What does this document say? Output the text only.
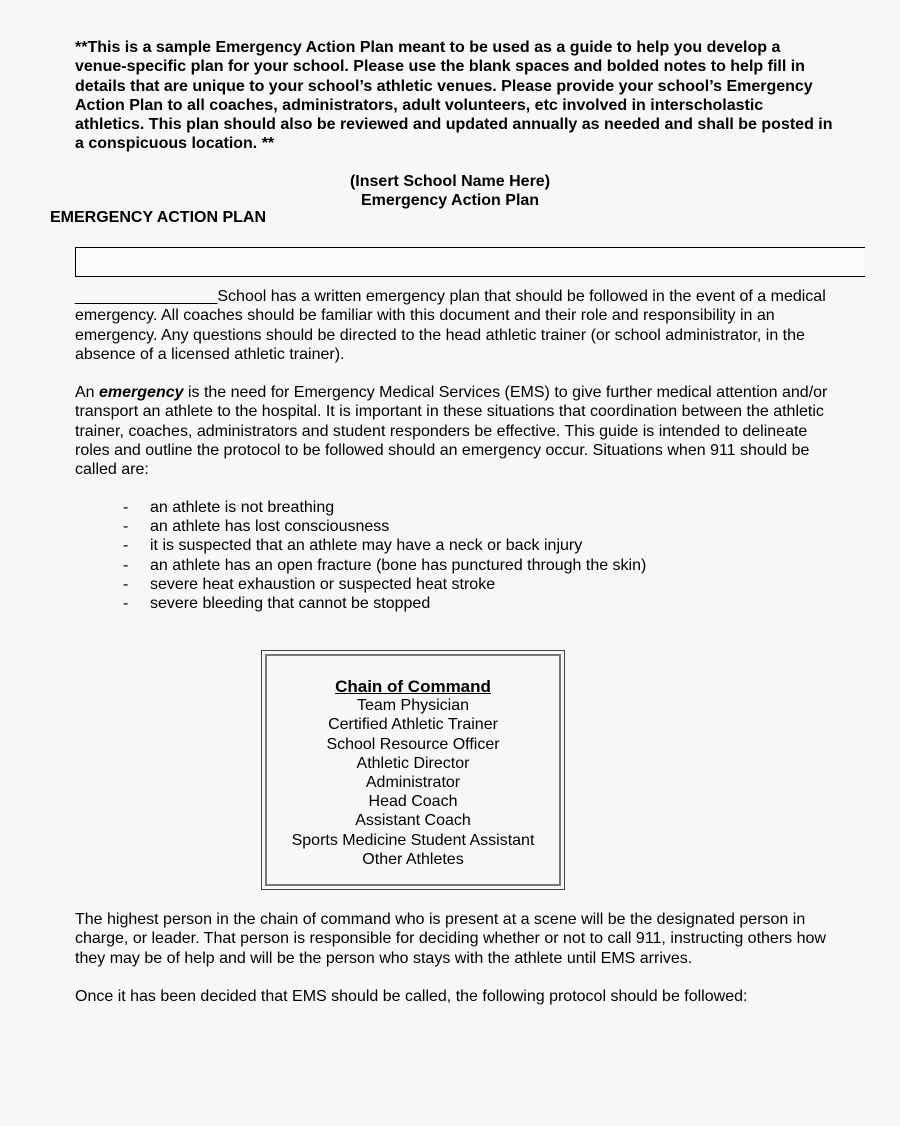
**This is a sample Emergency Action Plan meant to be used as a guide to help you develop a venue-specific plan for your school. Please use the blank spaces and bolded notes to help fill in details that are unique to your school’s athletic venues. Please provide your school’s Emergency Action Plan to all coaches, administrators, adult volunteers, etc involved in interscholastic athletics. This plan should also be reviewed and updated annually as needed and shall be posted in a conspicuous location. **

(Insert School Name Here)
Emergency Action Plan
EMERGENCY ACTION PLAN

________________School has a written emergency plan that should be followed in the event of a medical emergency. All coaches should be familiar with this document and their role and responsibility in an emergency. Any questions should be directed to the head athletic trainer (or school administrator, in the absence of a licensed athletic trainer).

An emergency is the need for Emergency Medical Services (EMS) to give further medical attention and/or transport an athlete to the hospital. It is important in these situations that coordination between the athletic trainer, coaches, administrators and student responders be effective. This guide is intended to delineate roles and outline the protocol to be followed should an emergency occur. Situations when 911 should be called are:

- an athlete is not breathing
- an athlete has lost consciousness
- it is suspected that an athlete may have a neck or back injury
- an athlete has an open fracture (bone has punctured through the skin)
- severe heat exhaustion or suspected heat stroke
- severe bleeding that cannot be stopped
Chain of Command
Team Physician
Certified Athletic Trainer
School Resource Officer
Athletic Director
Administrator
Head Coach
Assistant Coach
Sports Medicine Student Assistant
Other Athletes

The highest person in the chain of command who is present at a scene will be the designated person in charge, or leader. That person is responsible for deciding whether or not to call 911, instructing others how they may be of help and will be the person who stays with the athlete until EMS arrives.

Once it has been decided that EMS should be called, the following protocol should be followed:
